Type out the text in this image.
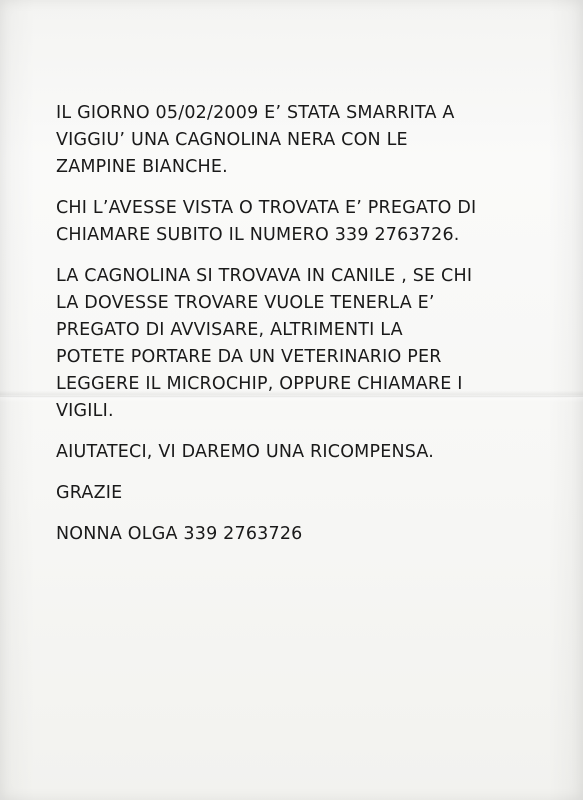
IL GIORNO 05/02/2009 E’ STATA SMARRITA A
VIGGIU’ UNA CAGNOLINA NERA CON LE
ZAMPINE BIANCHE.
CHI L’AVESSE VISTA O TROVATA E’ PREGATO DI
CHIAMARE SUBITO IL NUMERO 339 2763726.
LA CAGNOLINA SI TROVAVA IN CANILE , SE CHI
LA DOVESSE TROVARE VUOLE TENERLA E’
PREGATO DI AVVISARE, ALTRIMENTI LA
POTETE PORTARE DA UN VETERINARIO PER
LEGGERE IL MICROCHIP, OPPURE CHIAMARE I
VIGILI.
AIUTATECI, VI DAREMO UNA RICOMPENSA.
GRAZIE
NONNA OLGA 339 2763726
